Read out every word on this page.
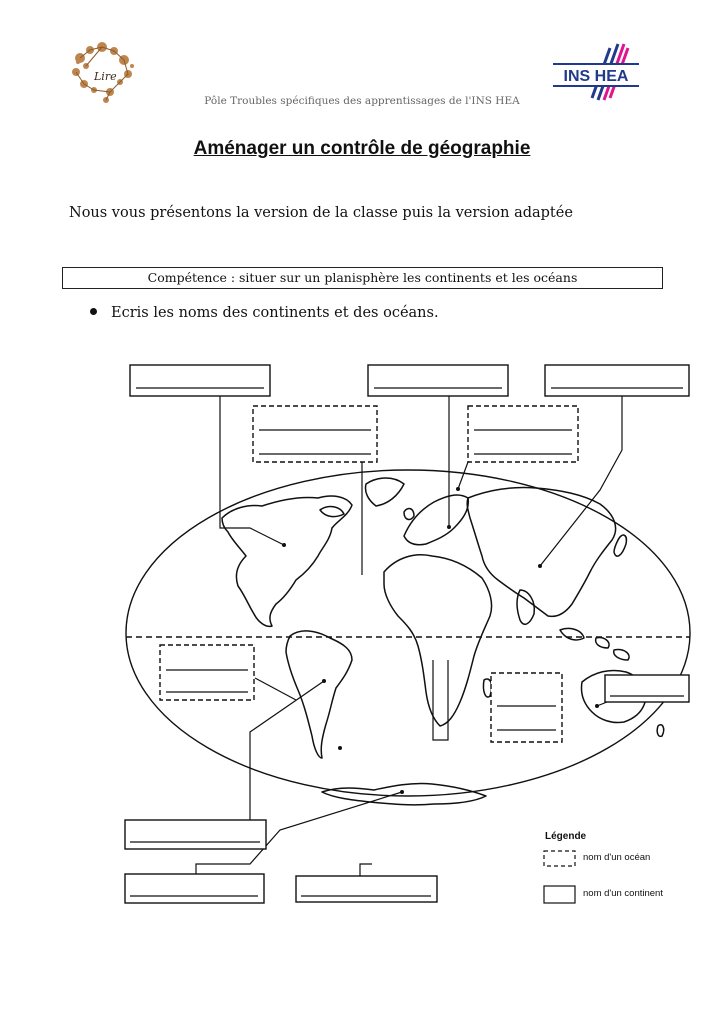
Lire	INS HEA
Pôle Troubles spécifiques des apprentissages de l'INS HEA
Aménager un contrôle de géographie
Nous vous présentons la version de la classe puis la version adaptée
Compétence : situer sur un planisphère les continents et les océans
Ecris les noms des continents et des océans.
Légende
nom d'un océan
nom d'un continent
